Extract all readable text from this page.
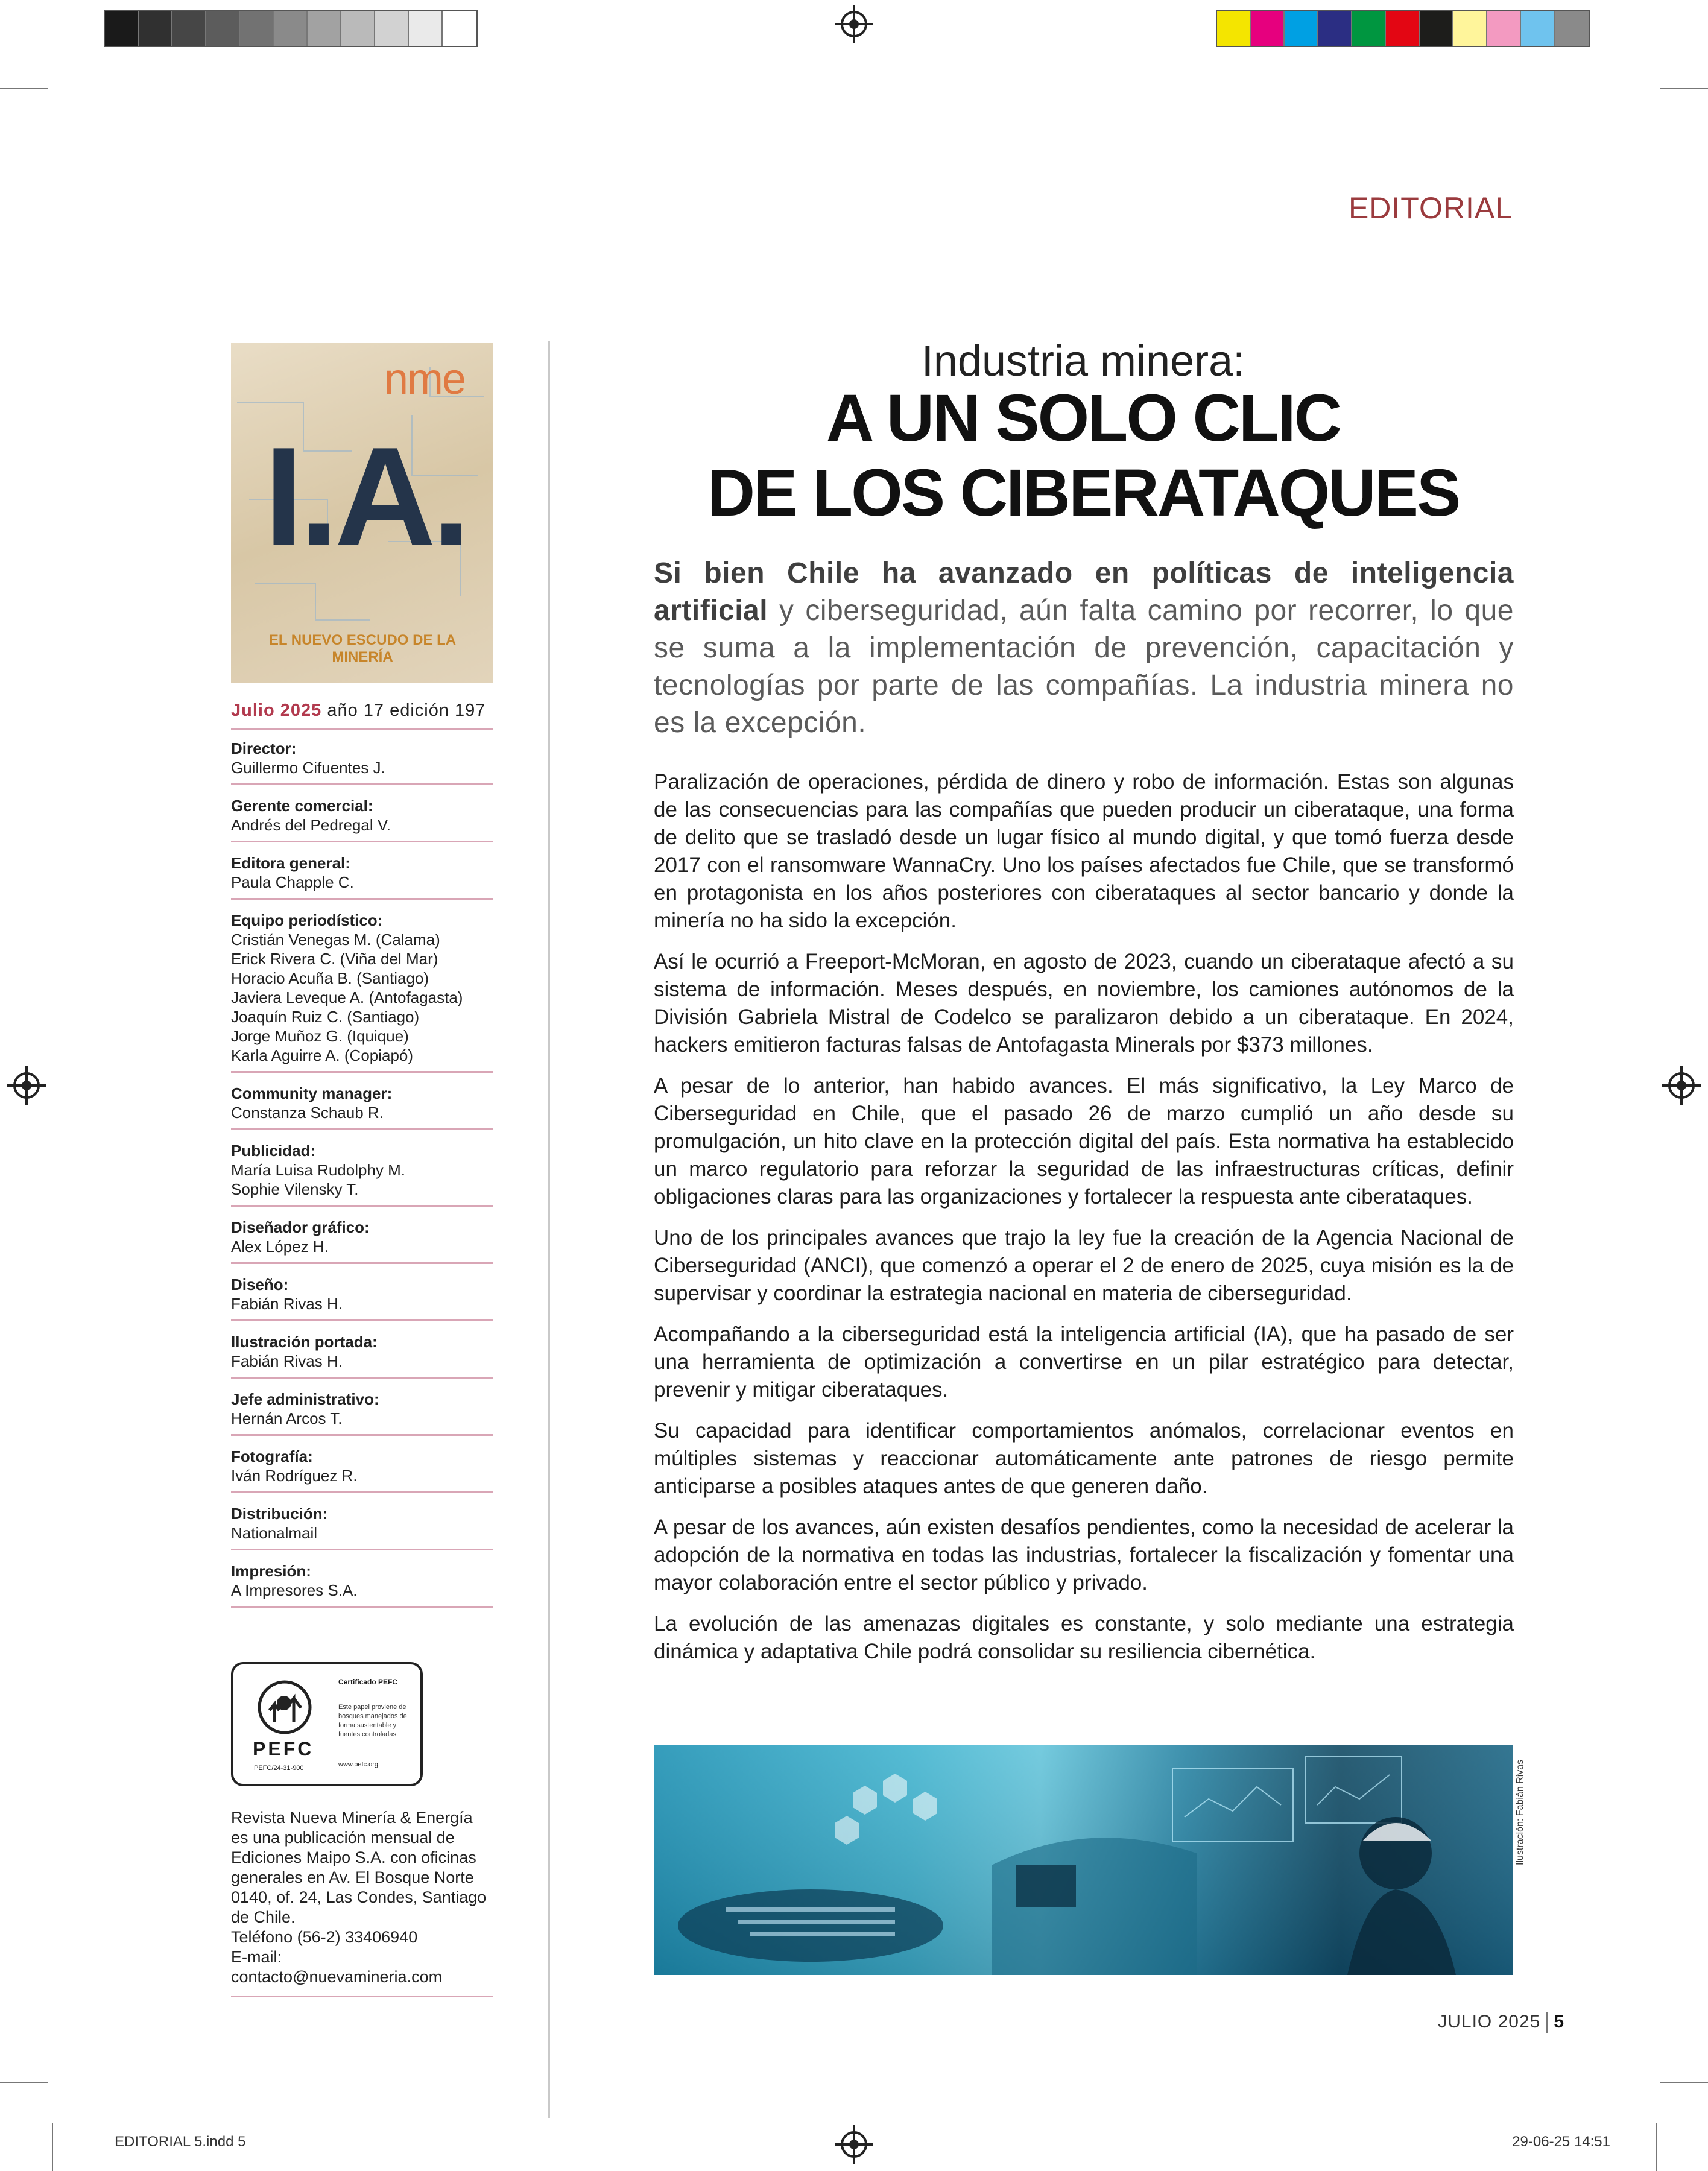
EDITORIAL
nme
I.A.
EL NUEVO ESCUDO DE LA MINERÍA
Julio 2025 año 17 edición 197
Director:
Guillermo Cifuentes J.
Gerente comercial:
Andrés del Pedregal V.
Editora general:
Paula Chapple C.
Equipo periodístico:
Cristián Venegas M. (Calama)
Erick Rivera C. (Viña del Mar)
Horacio Acuña B. (Santiago)
Javiera Leveque A. (Antofagasta)
Joaquín Ruiz C. (Santiago)
Jorge Muñoz G. (Iquique)
Karla Aguirre A. (Copiapó)
Community manager:
Constanza Schaub R.
Publicidad:
María Luisa Rudolphy M.
Sophie Vilensky T.
Diseñador gráfico:
Alex López H.
Diseño:
Fabián Rivas H.
Ilustración portada:
Fabián Rivas H.
Jefe administrativo:
Hernán Arcos T.
Fotografía:
Iván Rodríguez R.
Distribución:
Nationalmail
Impresión:
A Impresores S.A.
PEFC
PEFC/24-31-900
Certificado PEFC
Este papel proviene de bosques manejados de forma sustentable y fuentes controladas.
www.pefc.org
Revista Nueva Minería & Energía
es una publicación mensual de
Ediciones Maipo S.A. con oficinas
generales en Av. El Bosque Norte
0140, of. 24, Las Condes, Santiago
de Chile.
Teléfono (56-2) 33406940
E-mail: contacto@nuevamineria.com
Industria minera:
A UN SOLO CLIC
DE LOS CIBERATAQUES
Si bien Chile ha avanzado en políticas de inteligencia artificial y ciberseguridad, aún falta camino por recorrer, lo que se suma a la implementación de prevención, capacitación y tecnologías por parte de las compañías. La industria minera no es la excepción.

Paralización de operaciones, pérdida de dinero y robo de información. Estas son algunas de las consecuencias para las compañías que pueden producir un ciberataque, una forma de delito que se trasladó desde un lugar físico al mundo digital, y que tomó fuerza desde 2017 con el ransomware WannaCry. Uno los países afectados fue Chile, que se transformó en protagonista en los años posteriores con ciberataques al sector bancario y donde la minería no ha sido la excepción.

Así le ocurrió a Freeport-McMoran, en agosto de 2023, cuando un ciberataque afectó a su sistema de información. Meses después, en noviembre, los camiones autónomos de la División Gabriela Mistral de Codelco se paralizaron debido a un ciberataque. En 2024, hackers emitieron facturas falsas de Antofagasta Minerals por $373 millones.

A pesar de lo anterior, han habido avances. El más significativo, la Ley Marco de Ciberseguridad en Chile, que el pasado 26 de marzo cumplió un año desde su promulgación, un hito clave en la protección digital del país. Esta normativa ha establecido un marco regulatorio para reforzar la seguridad de las infraestructuras críticas, definir obligaciones claras para las organizaciones y fortalecer la respuesta ante ciberataques.

Uno de los principales avances que trajo la ley fue la creación de la Agencia Nacional de Ciberseguridad (ANCI), que comenzó a operar el 2 de enero de 2025, cuya misión es la de supervisar y coordinar la estrategia nacional en materia de ciberseguridad.

Acompañando a la ciberseguridad está la inteligencia artificial (IA), que ha pasado de ser una herramienta de optimización a convertirse en un pilar estratégico para detectar, prevenir y mitigar ciberataques.

Su capacidad para identificar comportamientos anómalos, correlacionar eventos en múltiples sistemas y reaccionar automáticamente ante patrones de riesgo permite anticiparse a posibles ataques antes de que generen daño.

A pesar de los avances, aún existen desafíos pendientes, como la necesidad de acelerar la adopción de la normativa en todas las industrias, fortalecer la fiscalización y fomentar una mayor colaboración entre el sector público y privado.

La evolución de las amenazas digitales es constante, y solo mediante una estrategia dinámica y adaptativa Chile podrá consolidar su resiliencia cibernética.

Ilustración: Fabián Rivas
JULIO 2025 5
EDITORIAL 5.indd 5	29-06-25 14:51
